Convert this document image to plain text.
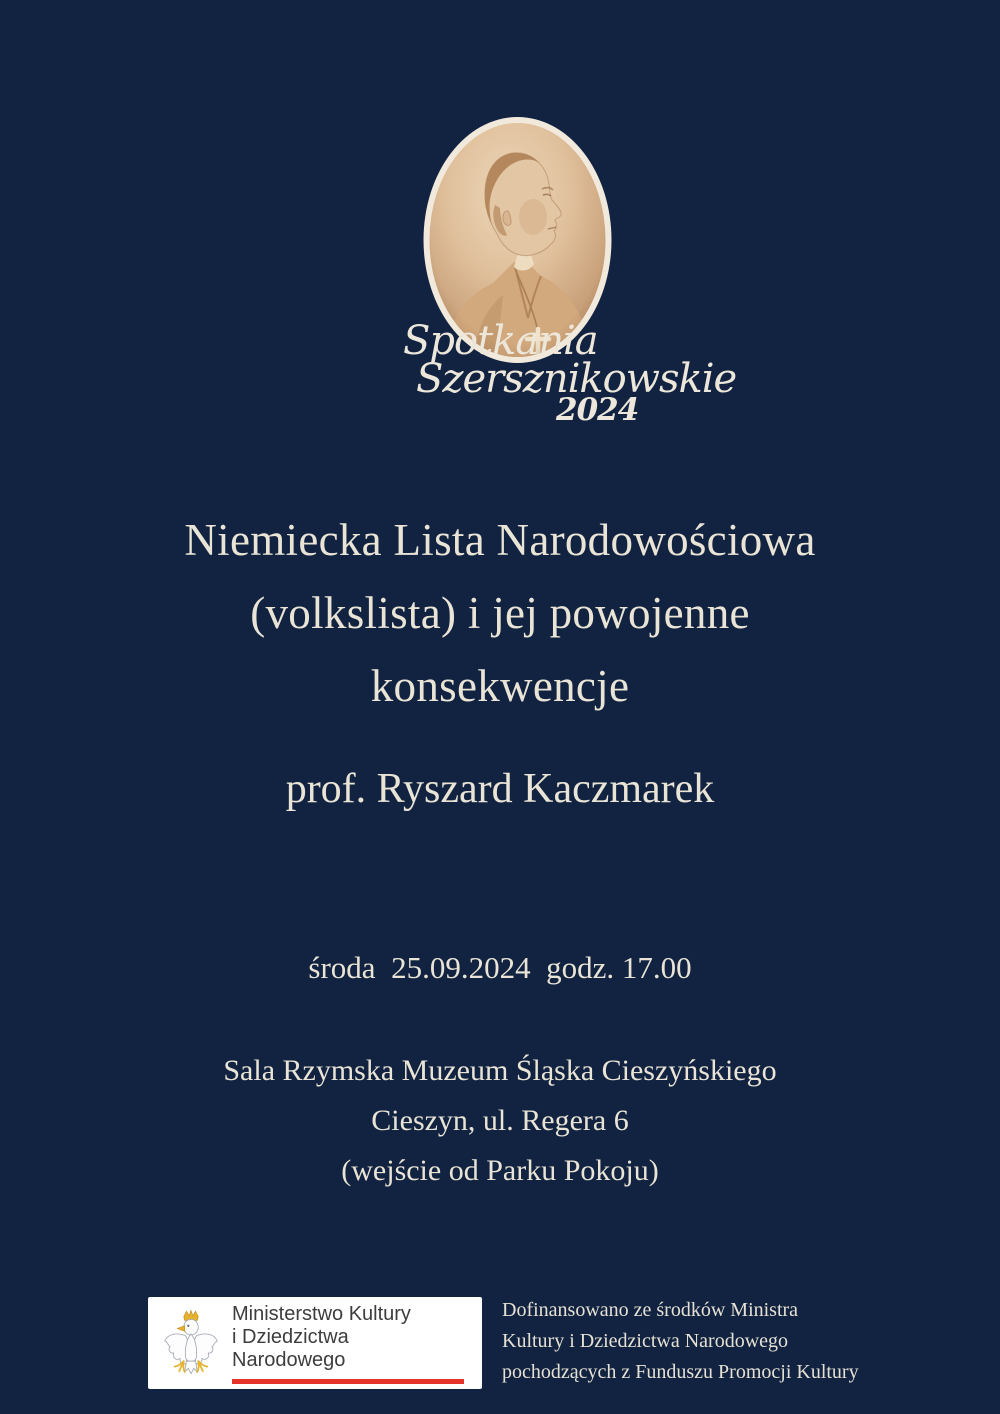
Spotkania
Szersznikowskie
2024
Niemiecka Lista Narodowościowa
(volkslista) i jej powojenne
konsekwencje
prof. Ryszard Kaczmarek
środa  25.09.2024  godz. 17.00
Sala Rzymska Muzeum Śląska Cieszyńskiego
Cieszyn, ul. Regera 6
(wejście od Parku Pokoju)
Ministerstwo Kultury
i Dziedzictwa Narodowego
Dofinansowano ze środków Ministra
Kultury i Dziedzictwa Narodowego
pochodzących z Funduszu Promocji Kultury
